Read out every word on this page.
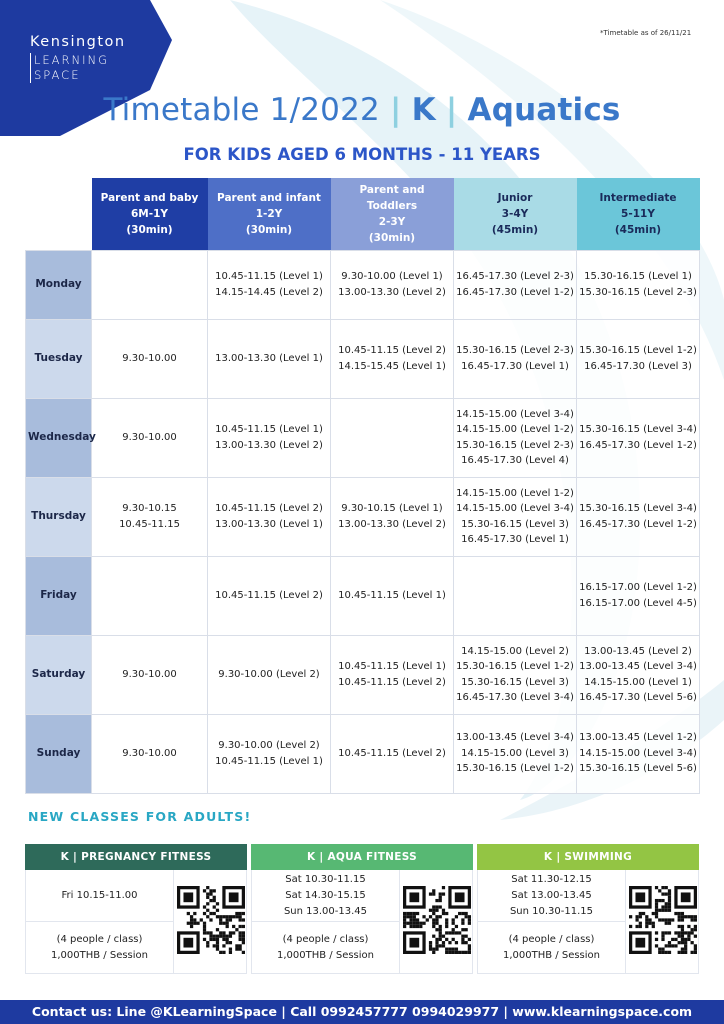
Kensington
LEARNING
SPACE
*Timetable as of 26/11/21
Timetable 1/2022 | K | Aquatics
FOR KIDS AGED 6 MONTHS - 11 YEARS

	Parent and baby
6M-1Y
(30min)	Parent and infant
1-2Y
(30min)	Parent and Toddlers
2-3Y
(30min)	Junior
3-4Y
(45min)	Intermediate
5-11Y
(45min)

Monday		10.45-11.15 (Level 1)
14.15-14.45 (Level 2)	9.30-10.00 (Level 1)
13.00-13.30 (Level 2)	16.45-17.30 (Level 2-3)
16.45-17.30 (Level 1-2)	15.30-16.15 (Level 1)
15.30-16.15 (Level 2-3)

Tuesday	9.30-10.00	13.00-13.30 (Level 1)	10.45-11.15 (Level 2)
14.15-15.45 (Level 1)	15.30-16.15 (Level 2-3)
16.45-17.30 (Level 1)	15.30-16.15 (Level 1-2)
16.45-17.30 (Level 3)

Wednesday	9.30-10.00	10.45-11.15 (Level 1)
13.00-13.30 (Level 2)		14.15-15.00 (Level 3-4)
14.15-15.00 (Level 1-2)
15.30-16.15 (Level 2-3)
16.45-17.30 (Level 4)	15.30-16.15 (Level 3-4)
16.45-17.30 (Level 1-2)

Thursday	9.30-10.15
10.45-11.15	10.45-11.15 (Level 2)
13.00-13.30 (Level 1)	9.30-10.15 (Level 1)
13.00-13.30 (Level 2)	14.15-15.00 (Level 1-2)
14.15-15.00 (Level 3-4)
15.30-16.15 (Level 3)
16.45-17.30 (Level 1)	15.30-16.15 (Level 3-4)
16.45-17.30 (Level 1-2)

Friday		10.45-11.15 (Level 2)	10.45-11.15 (Level 1)		16.15-17.00 (Level 1-2)
16.15-17.00 (Level 4-5)

Saturday	9.30-10.00	9.30-10.00 (Level 2)	10.45-11.15 (Level 1)
10.45-11.15 (Level 2)	14.15-15.00 (Level 2)
15.30-16.15 (Level 1-2)
15.30-16.15 (Level 3)
16.45-17.30 (Level 3-4)	13.00-13.45 (Level 2)
13.00-13.45 (Level 3-4)
14.15-15.00 (Level 1)
16.45-17.30 (Level 5-6)

Sunday	9.30-10.00	9.30-10.00 (Level 2)
10.45-11.15 (Level 1)	10.45-11.15 (Level 2)	13.00-13.45 (Level 3-4)
14.15-15.00 (Level 3)
15.30-16.15 (Level 1-2)	13.00-13.45 (Level 1-2)
14.15-15.00 (Level 3-4)
15.30-16.15 (Level 5-6)
NEW CLASSES FOR ADULTS!
K | PREGNANCY FITNESS
Fri 10.15-11.00
(4 people / class)
1,000THB / Session
K | AQUA FITNESS
Sat 10.30-11.15
Sat 14.30-15.15
Sun 13.00-13.45
(4 people / class)
1,000THB / Session
K | SWIMMING
Sat 11.30-12.15
Sat 13.00-13.45
Sun 10.30-11.15
(4 people / class)
1,000THB / Session
Contact us: Line @KLearningSpace | Call 0992457777 0994029977 | www.klearningspace.com
